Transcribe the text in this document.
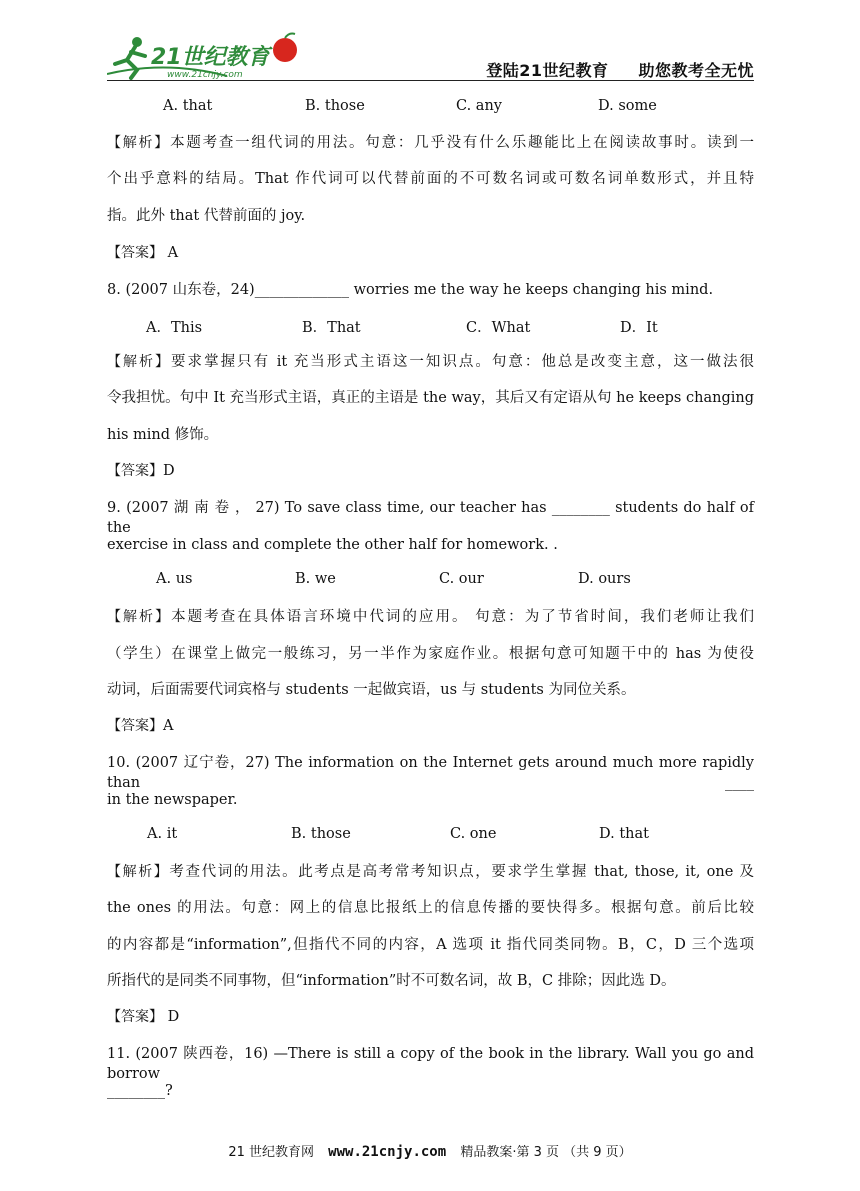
21世纪教育
www.21cnjy.com	登陆21世纪教育 助您教考全无忧
A. that	B. those	C. any	D. some
【解析】本题考查一组代词的用法。句意：几乎没有什么乐趣能比上在阅读故事时。读到一
个出乎意料的结局。That 作代词可以代替前面的不可数名词或可数名词单数形式，并且特
指。此外 that 代替前面的 joy.
【答案】 A
8. (2007 山东卷，24)_____________ worries me the way he keeps changing his mind.
A．This	B．That	C．What	D．It
【解析】要求掌握只有 it 充当形式主语这一知识点。句意：他总是改变主意，这一做法很
令我担忧。句中 It 充当形式主语，真正的主语是 the way，其后又有定语从句 he keeps changing
his mind 修饰。
【答案】D
9. (2007 湖 南 卷 ， 27) To save class time, our teacher has ________ students do half of the
exercise in class and complete the other half for homework. .
A. us	B. we	C. our	D. ours
【解析】本题考查在具体语言环境中代词的应用。 句意：为了节省时间，我们老师让我们
（学生）在课堂上做完一般练习，另一半作为家庭作业。根据句意可知题干中的 has 为使役
动词，后面需要代词宾格与 students 一起做宾语，us 与 students 为同位关系。
【答案】A
10. (2007 辽宁卷，27) The information on the Internet gets around much more rapidly than ____
in the newspaper.
A. it	B. those	C. one	D. that
【解析】考查代词的用法。此考点是高考常考知识点，要求学生掌握 that, those, it, one 及
the ones 的用法。句意：网上的信息比报纸上的信息传播的要快得多。根据句意。前后比较
的内容都是“information”,但指代不同的内容，A 选项 it 指代同类同物。B，C，D 三个选项
所指代的是同类不同事物，但“information”时不可数名词，故 B，C 排除；因此选 D。
【答案】 D
11. (2007 陕西卷，16) —There is still a copy of the book in the library. Wall you go and borrow
________?
21 世纪教育网 www.21cnjy.com 精品教案·第 3 页 （共 9 页）
